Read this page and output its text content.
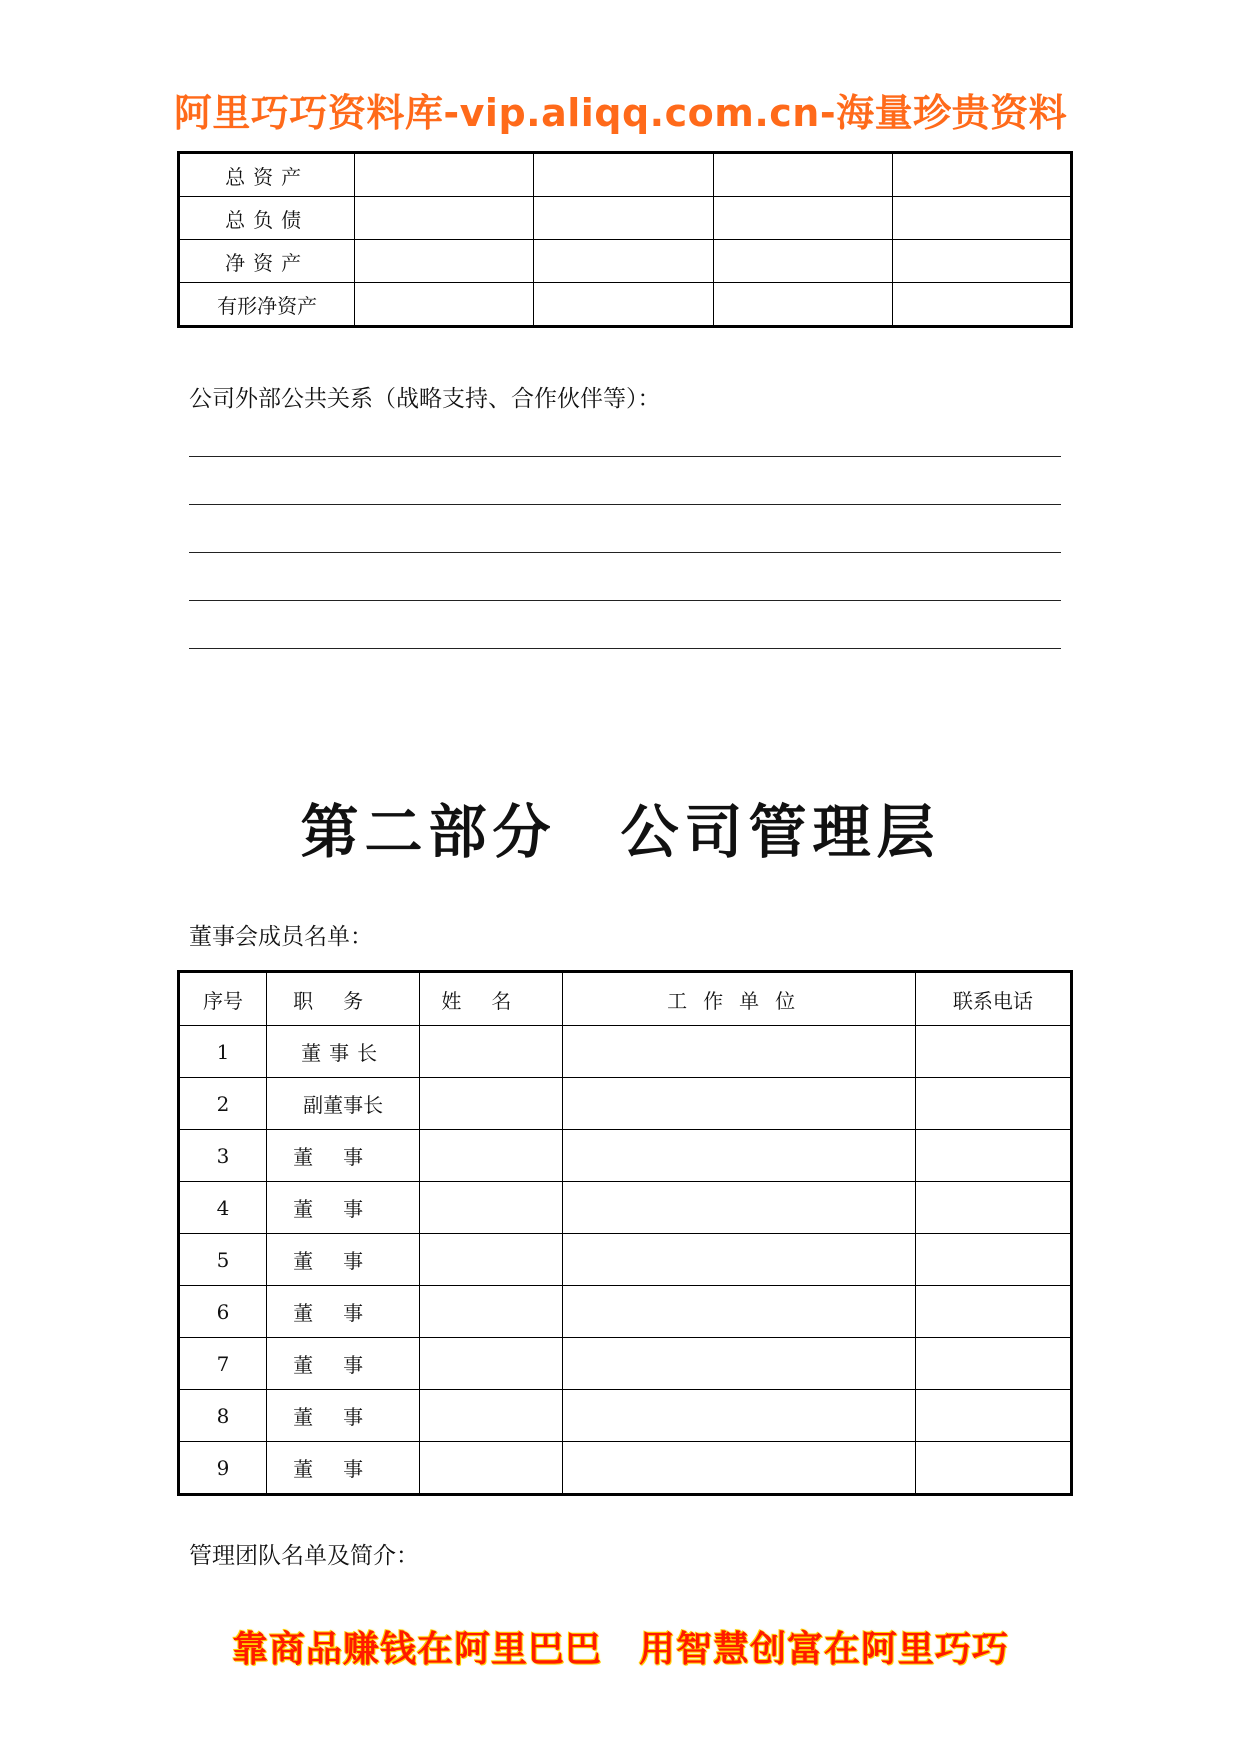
阿里巧巧资料库-vip.aliqq.com.cn-海量珍贵资料
总资产				
总负债				
净资产				
有形净资产				
公司外部公共关系（战略支持、合作伙伴等）：
第二部分　公司管理层
董事会成员名单：
序号	职务	姓名	工作单位	联系电话
1	董事长			
2	副董事长			
3	董事			
4	董事			
5	董事			
6	董事			
7	董事			
8	董事			
9	董事			
管理团队名单及简介：
靠商品赚钱在阿里巴巴　用智慧创富在阿里巧巧
